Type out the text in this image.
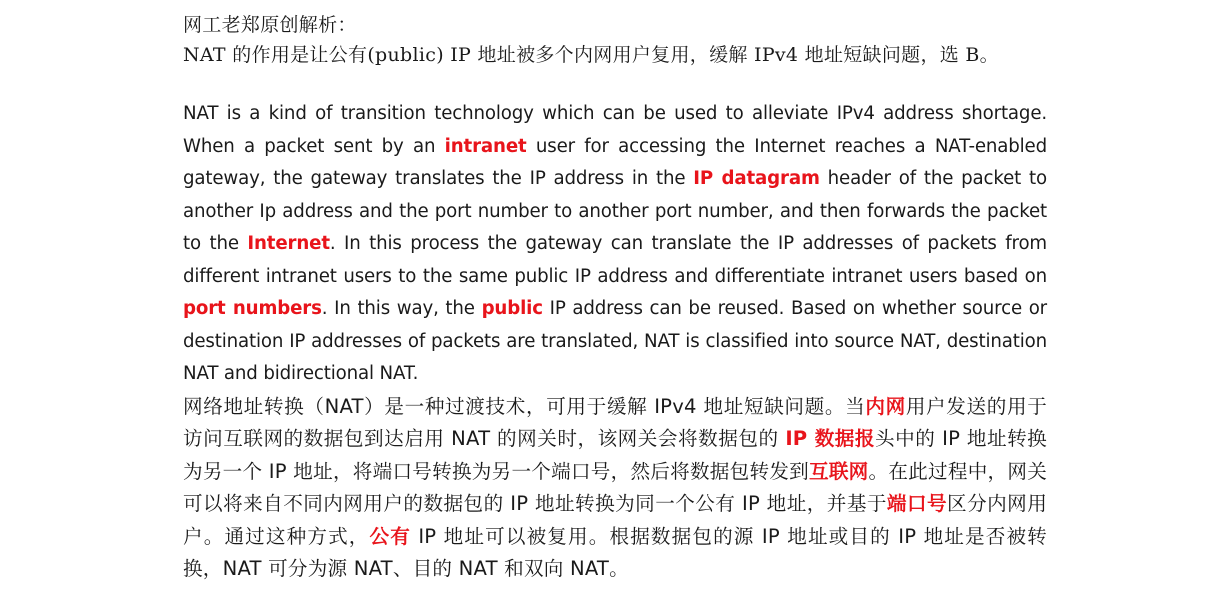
网工老郑原创解析：

NAT 的作用是让公有(public) IP 地址被多个内网用户复用，缓解 IPv4 地址短缺问题，选 B。

NAT is a kind of transition technology which can be used to alleviate IPv4 address shortage. When a packet sent by an intranet user for accessing the Internet reaches a NAT-enabled gateway, the gateway translates the IP address in the IP datagram header of the packet to another Ip address and the port number to another port number, and then forwards the packet to the Internet. In this process the gateway can translate the IP addresses of packets from different intranet users to the same public IP address and differentiate intranet users based on port numbers. In this way, the public IP address can be reused. Based on whether source or destination IP addresses of packets are translated, NAT is classified into source NAT, destination NAT and bidirectional NAT.

网络地址转换（NAT）是一种过渡技术，可用于缓解 IPv4 地址短缺问题。当内网用户发送的用于访问互联网的数据包到达启用 NAT 的网关时，该网关会将数据包的 IP 数据报头中的 IP 地址转换为另一个 IP 地址，将端口号转换为另一个端口号，然后将数据包转发到互联网。在此过程中，网关可以将来自不同内网用户的数据包的 IP 地址转换为同一个公有 IP 地址，并基于端口号区分内网用户。通过这种方式，公有 IP 地址可以被复用。根据数据包的源 IP 地址或目的 IP 地址是否被转换，NAT 可分为源 NAT、目的 NAT 和双向 NAT。
